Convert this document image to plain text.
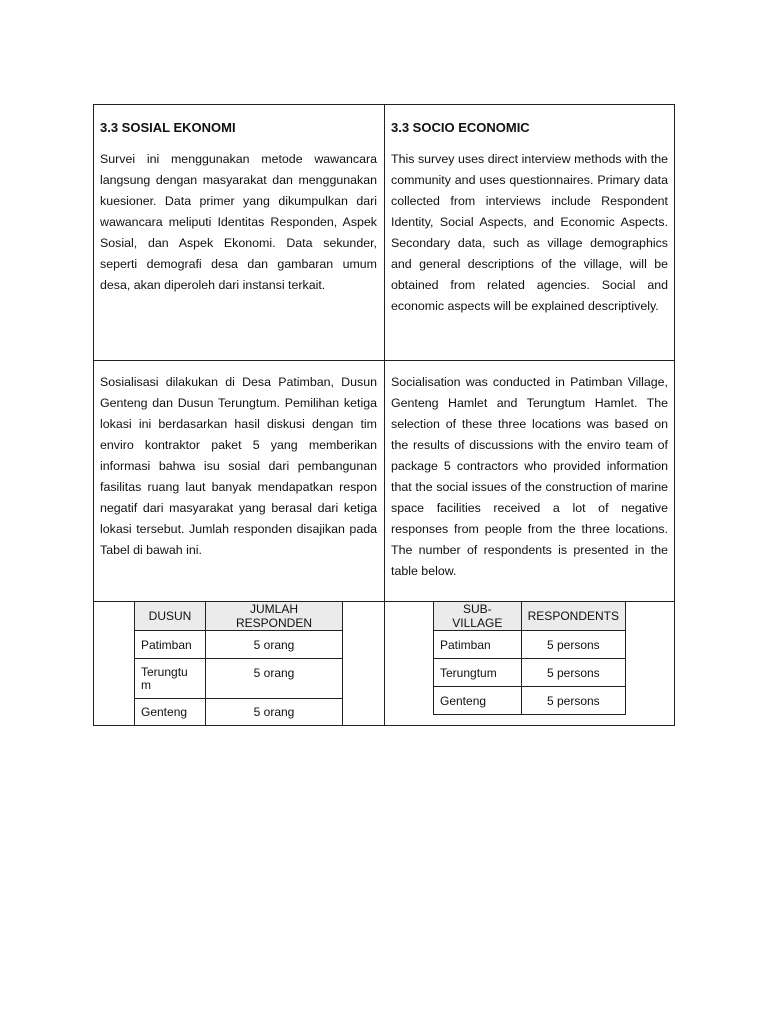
3.3 SOSIAL EKONOMI

Survei ini menggunakan metode wawancara langsung dengan masyarakat dan menggunakan kuesioner. Data primer yang dikumpulkan dari wawancara meliputi Identitas Responden, Aspek Sosial, dan Aspek Ekonomi. Data sekunder, seperti demografi desa dan gambaran umum desa, akan diperoleh dari instansi terkait.

3.3 SOCIO ECONOMIC

This survey uses direct interview methods with the community and uses questionnaires. Primary data collected from interviews include Respondent Identity, Social Aspects, and Economic Aspects. Secondary data, such as village demographics and general descriptions of the village, will be obtained from related agencies. Social and economic aspects will be explained descriptively.

Sosialisasi dilakukan di Desa Patimban, Dusun Genteng dan Dusun Terungtum. Pemilihan ketiga lokasi ini berdasarkan hasil diskusi dengan tim enviro kontraktor paket 5 yang memberikan informasi bahwa isu sosial dari pembangunan fasilitas ruang laut banyak mendapatkan respon negatif dari masyarakat yang berasal dari ketiga lokasi tersebut. Jumlah responden disajikan pada Tabel di bawah ini.

Socialisation was conducted in Patimban Village, Genteng Hamlet and Terungtum Hamlet. The selection of these three locations was based on the results of discussions with the enviro team of package 5 contractors who provided information that the social issues of the construction of marine space facilities received a lot of negative responses from people from the three locations. The number of respondents is presented in the table below.

DUSUN	JUMLAH RESPONDEN
Patimban	5 orang
Terungtu m	5 orang
Genteng	5 orang
SUB-VILLAGE	RESPONDENTS
Patimban	5 persons
Terungtum	5 persons
Genteng	5 persons
